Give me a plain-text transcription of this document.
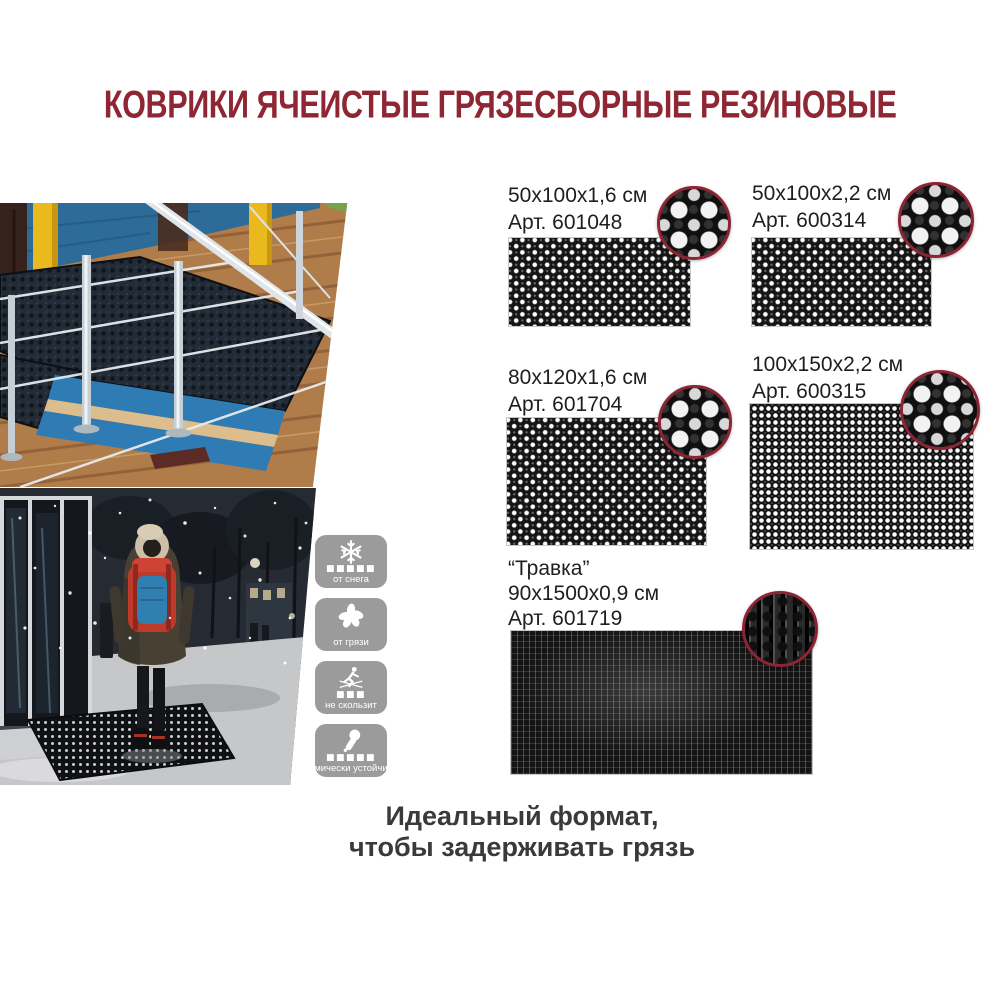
КОВРИКИ ЯЧЕИСТЫЕ ГРЯЗЕСБОРНЫЕ РЕЗИНОВЫЕ
■■■■■
от снега
от грязи
■■■
не скользит
■■■■■
химически устойчиво
50x100x1,6 см
Арт. 601048
50x100x2,2 см
Арт. 600314
80x120x1,6 см
Арт. 601704
100x150x2,2 см
Арт. 600315
“Травка”
90x1500x0,9 см
Арт. 601719
Идеальный формат,
чтобы задерживать грязь
